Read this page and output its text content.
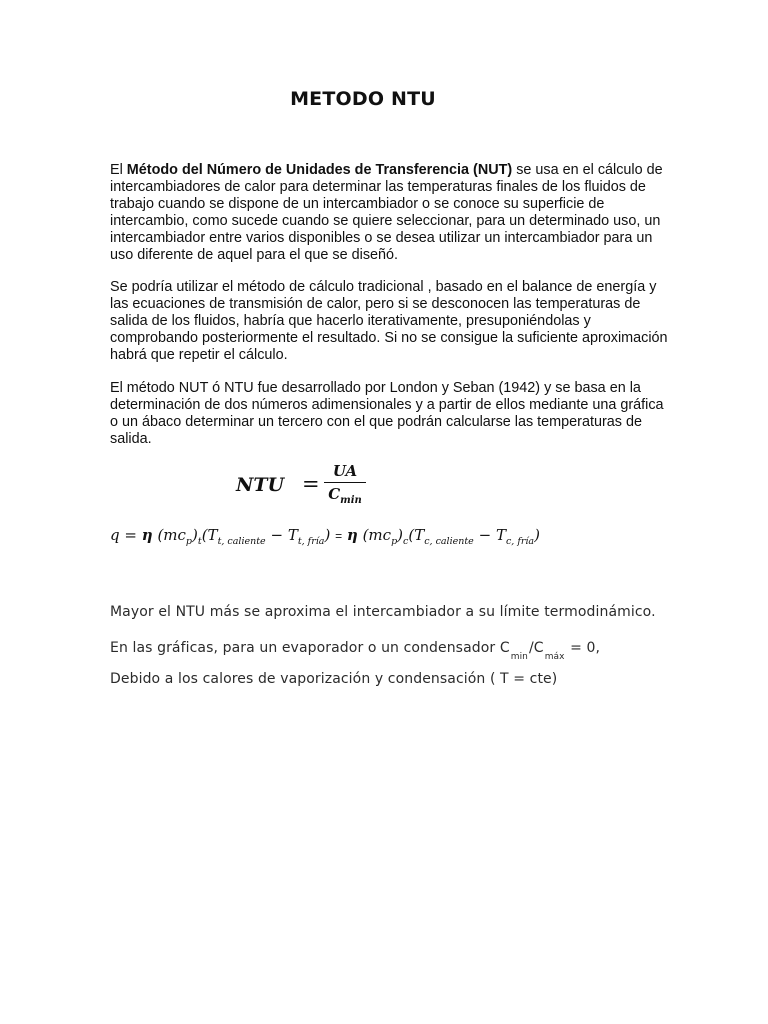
METODO NTU

El Método del Número de Unidades de Transferencia (NUT) se usa en el cálculo de intercambiadores de calor para determinar las temperaturas finales de los fluidos de trabajo cuando se dispone de un intercambiador o se conoce su superficie de intercambio, como sucede cuando se quiere seleccionar, para un determinado uso, un intercambiador entre varios disponibles o se desea utilizar un intercambiador para un uso diferente de aquel para el que se diseñó.

Se podría utilizar el método de cálculo tradicional , basado en el balance de energía y las ecuaciones de transmisión de calor, pero si se desconocen las temperaturas de salida de los fluidos, habría que hacerlo iterativamente, presuponiéndolas y comprobando posteriormente el resultado. Si no se consigue la suficiente aproximación habrá que repetir el cálculo.

El método NUT ó NTU fue desarrollado por London y Seban (1942) y se basa en la determinación de dos números adimensionales y a partir de ellos mediante una gráfica o un ábaco determinar un tercero con el que podrán calcularse las temperaturas de salida.

NTU =
UA
$C_{min}$
q = η $(mc_p)_t(T_{t, caliente} - T_{t, fría}) = \eta$ $(mc_p)_c(T_{c, caliente} - T_{c, fría})$
Mayor el NTU más se aproxima el intercambiador a su límite termodinámico.
En las gráficas, para un evaporador o un condensador $C_{min}/C_{máx} = 0$,
Debido a los calores de vaporización y condensación ( T = cte)
